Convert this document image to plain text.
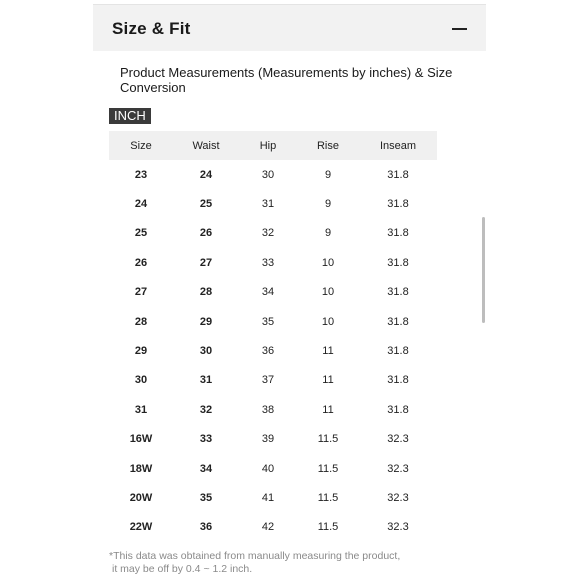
Size & Fit
Product Measurements (Measurements by inches) & Size Conversion
INCH
Size	Waist	Hip	Rise	Inseam
23	24	30	9	31.8
24	25	31	9	31.8
25	26	32	9	31.8
26	27	33	10	31.8
27	28	34	10	31.8
28	29	35	10	31.8
29	30	36	11	31.8
30	31	37	11	31.8
31	32	38	11	31.8
16W	33	39	11.5	32.3
18W	34	40	11.5	32.3
20W	35	41	11.5	32.3
22W	36	42	11.5	32.3
*This data was obtained from manually measuring the product,
it may be off by 0.4 ~ 1.2 inch.
